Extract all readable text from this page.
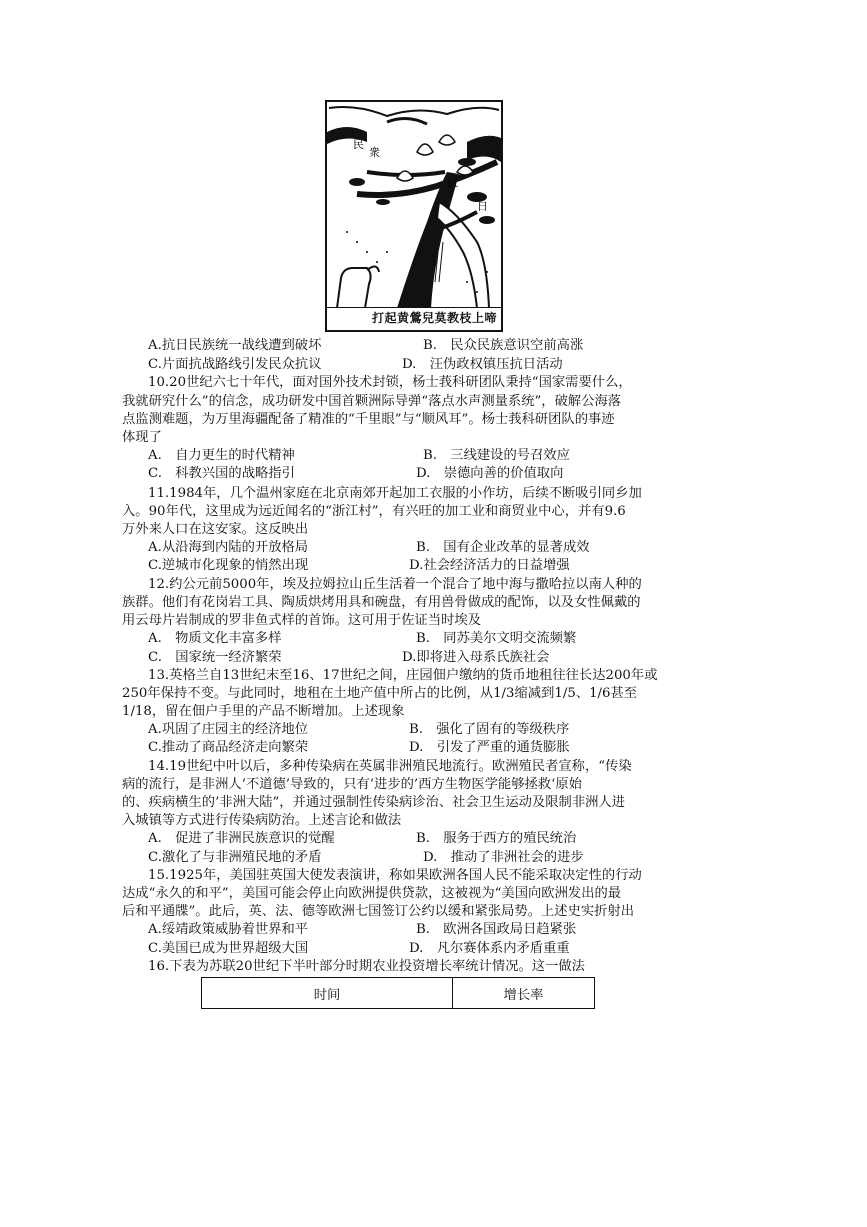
民
衆
抗
日
打起黄鶯兒莫教枝上啼
A.抗日民族统一战线遭到破坏	B.　民众民族意识空前高涨
C.片面抗战路线引发民众抗议	D.　汪伪政权镇压抗日活动
10.20世纪六七十年代，面对国外技术封锁，杨士莪科研团队秉持“国家需要什么，
我就研究什么”的信念，成功研发中国首颗洲际导弹“落点水声测量系统”，破解公海落
点监测难题，为万里海疆配备了精准的“千里眼”与“顺风耳”。杨士莪科研团队的事迹
体现了
A.　自力更生的时代精神	B.　三线建设的号召效应
C.　科教兴国的战略指引	D.　崇德向善的价值取向
11.1984年，几个温州家庭在北京南郊开起加工衣服的小作坊，后续不断吸引同乡加
入。90年代，这里成为远近闻名的“浙江村”，有兴旺的加工业和商贸业中心，并有9.6
万外来人口在这安家。这反映出
A.从沿海到内陆的开放格局	B.　国有企业改革的显著成效
C.逆城市化现象的悄然出现	D.社会经济活力的日益增强
12.约公元前5000年，埃及拉姆拉山丘生活着一个混合了地中海与撒哈拉以南人种的
族群。他们有花岗岩工具、陶质烘烤用具和碗盘，有用兽骨做成的配饰，以及女性佩戴的
用云母片岩制成的罗非鱼式样的首饰。这可用于佐证当时埃及
A.　物质文化丰富多样	B.　同苏美尔文明交流频繁
C.　国家统一经济繁荣	D.即将进入母系氏族社会
13.英格兰自13世纪末至16、17世纪之间，庄园佃户缴纳的货币地租往往长达200年或
250年保持不变。与此同时，地租在土地产值中所占的比例，从1/3缩减到1/5、1/6甚至
1/18，留在佃户手里的产品不断增加。上述现象
A.巩固了庄园主的经济地位	B.　强化了固有的等级秩序
C.推动了商品经济走向繁荣	D.　引发了严重的通货膨胀
14.19世纪中叶以后，多种传染病在英属非洲殖民地流行。欧洲殖民者宣称，“传染
病的流行，是非洲人‘不道德’导致的，只有‘进步的’西方生物医学能够拯救‘原始
的、疾病横生的’非洲大陆”，并通过强制性传染病诊治、社会卫生运动及限制非洲人进
入城镇等方式进行传染病防治。上述言论和做法
A.　促进了非洲民族意识的觉醒	B.　服务于西方的殖民统治
C.激化了与非洲殖民地的矛盾	D.　推动了非洲社会的进步
15.1925年，美国驻英国大使发表演讲，称如果欧洲各国人民不能采取决定性的行动
达成“永久的和平”，美国可能会停止向欧洲提供贷款，这被视为“美国向欧洲发出的最
后和平通牒”。此后，英、法、德等欧洲七国签订公约以缓和紧张局势。上述史实折射出
A.绥靖政策威胁着世界和平	B.　欧洲各国政局日趋紧张
C.美国已成为世界超级大国	D.　凡尔赛体系内矛盾重重
16.下表为苏联20世纪下半叶部分时期农业投资增长率统计情况。这一做法
时间	增长率
